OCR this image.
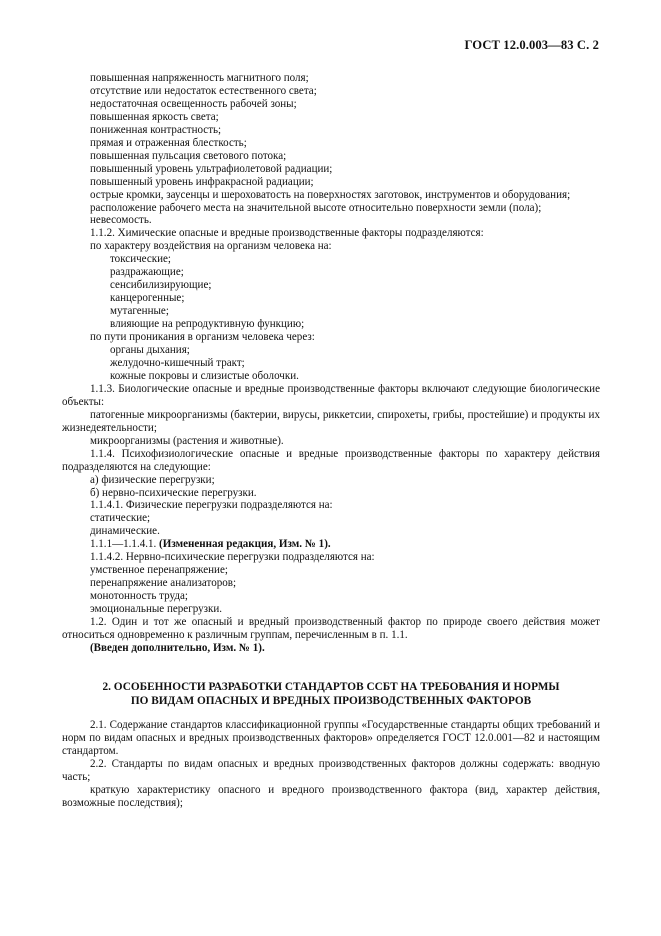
ГОСТ 12.0.003—83 С. 2

повышенная напряженность магнитного поля;

отсутствие или недостаток естественного света;

недостаточная освещенность рабочей зоны;

повышенная яркость света;

пониженная контрастность;

прямая и отраженная блесткость;

повышенная пульсация светового потока;

повышенный уровень ультрафиолетовой радиации;

повышенный уровень инфракрасной радиации;

острые кромки, заусенцы и шероховатость на поверхностях заготовок, инструментов и оборудования;

расположение рабочего места на значительной высоте относительно поверхности земли (пола);

невесомость.

1.1.2. Химические опасные и вредные производственные факторы подразделяются:

по характеру воздействия на организм человека на:

токсические;

раздражающие;

сенсибилизирующие;

канцерогенные;

мутагенные;

влияющие на репродуктивную функцию;

по пути проникания в организм человека через:

органы дыхания;

желудочно-кишечный тракт;

кожные покровы и слизистые оболочки.

1.1.3. Биологические опасные и вредные производственные факторы включают следующие биологические объекты:

патогенные микроорганизмы (бактерии, вирусы, риккетсии, спирохеты, грибы, простейшие) и продукты их жизнедеятельности;

микроорганизмы (растения и животные).

1.1.4. Психофизиологические опасные и вредные производственные факторы по характеру действия подразделяются на следующие:

а) физические перегрузки;

б) нервно-психические перегрузки.

1.1.4.1. Физические перегрузки подразделяются на:

статические;

динамические.

1.1.1—1.1.4.1. (Измененная редакция, Изм. № 1).

1.1.4.2. Нервно-психические перегрузки подразделяются на:

умственное перенапряжение;

перенапряжение анализаторов;

монотонность труда;

эмоциональные перегрузки.

1.2. Один и тот же опасный и вредный производственный фактор по природе своего действия может относиться одновременно к различным группам, перечисленным в п. 1.1.

(Введен дополнительно, Изм. № 1).

2. ОСОБЕННОСТИ РАЗРАБОТКИ СТАНДАРТОВ ССБТ НА ТРЕБОВАНИЯ И НОРМЫ
ПО ВИДАМ ОПАСНЫХ И ВРЕДНЫХ ПРОИЗВОДСТВЕННЫХ ФАКТОРОВ

2.1. Содержание стандартов классификационной группы «Государственные стандарты общих требований и норм по видам опасных и вредных производственных факторов» определяется ГОСТ 12.0.001—82 и настоящим стандартом.

2.2. Стандарты по видам опасных и вредных производственных факторов должны содержать: вводную часть;

краткую характеристику опасного и вредного производственного фактора (вид, характер действия, возможные последствия);
